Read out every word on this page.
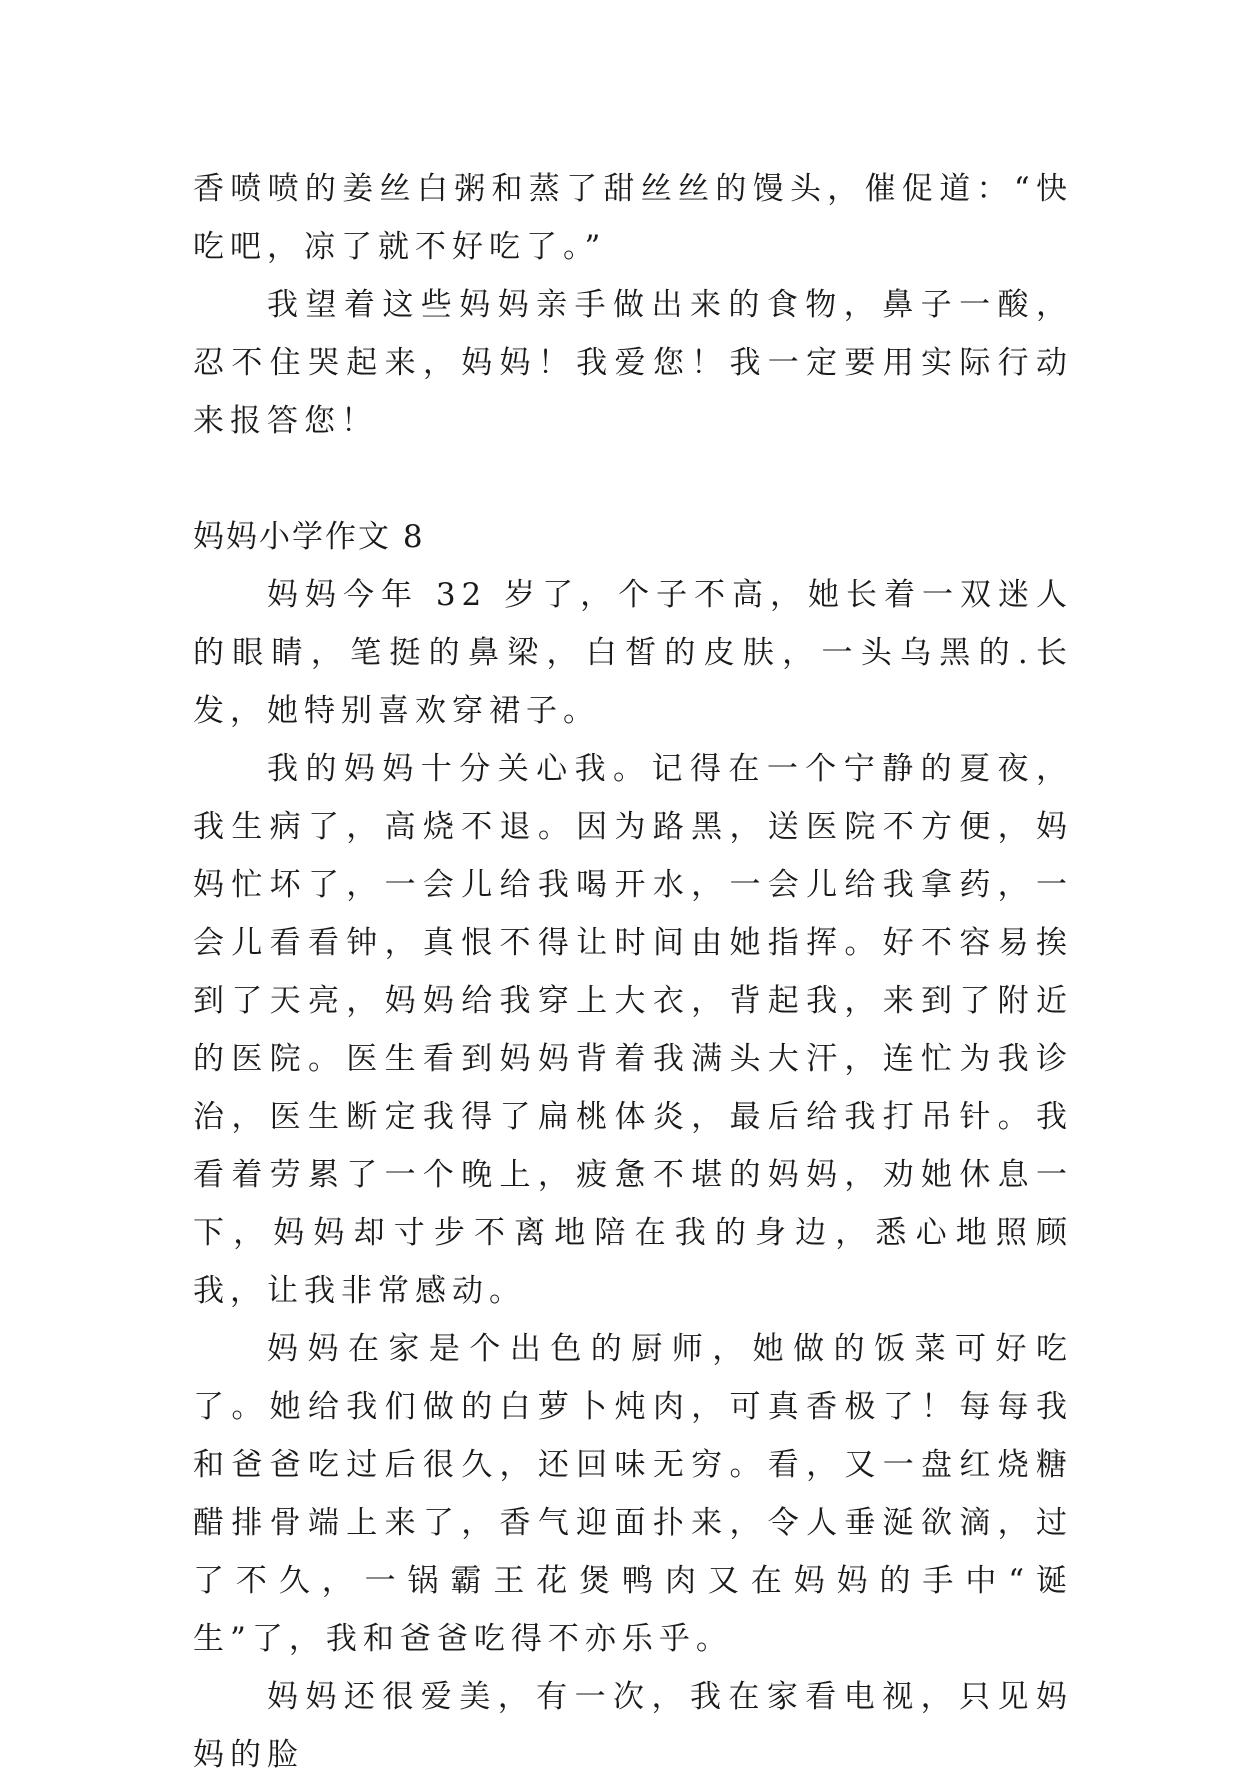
香喷喷的姜丝白粥和蒸了甜丝丝的馒头，催促道：“快吃吧，凉了就不好吃了。”

我望着这些妈妈亲手做出来的食物，鼻子一酸，忍不住哭起来，妈妈！我爱您！我一定要用实际行动来报答您！

妈妈小学作文 8

妈妈今年 32 岁了，个子不高，她长着一双迷人的眼睛，笔挺的鼻梁，白皙的皮肤，一头乌黑的.长发，她特别喜欢穿裙子。

我的妈妈十分关心我。记得在一个宁静的夏夜，我生病了，高烧不退。因为路黑，送医院不方便，妈妈忙坏了，一会儿给我喝开水，一会儿给我拿药，一会儿看看钟，真恨不得让时间由她指挥。好不容易挨到了天亮，妈妈给我穿上大衣，背起我，来到了附近的医院。医生看到妈妈背着我满头大汗，连忙为我诊治，医生断定我得了扁桃体炎，最后给我打吊针。我看着劳累了一个晚上，疲惫不堪的妈妈，劝她休息一下，妈妈却寸步不离地陪在我的身边，悉心地照顾我，让我非常感动。

妈妈在家是个出色的厨师，她做的饭菜可好吃了。她给我们做的白萝卜炖肉，可真香极了！每每我和爸爸吃过后很久，还回味无穷。看，又一盘红烧糖醋排骨端上来了，香气迎面扑来，令人垂涎欲滴，过了不久，一锅霸王花煲鸭肉又在妈妈的手中“诞生”了，我和爸爸吃得不亦乐乎。

妈妈还很爱美，有一次，我在家看电视，只见妈妈的脸
